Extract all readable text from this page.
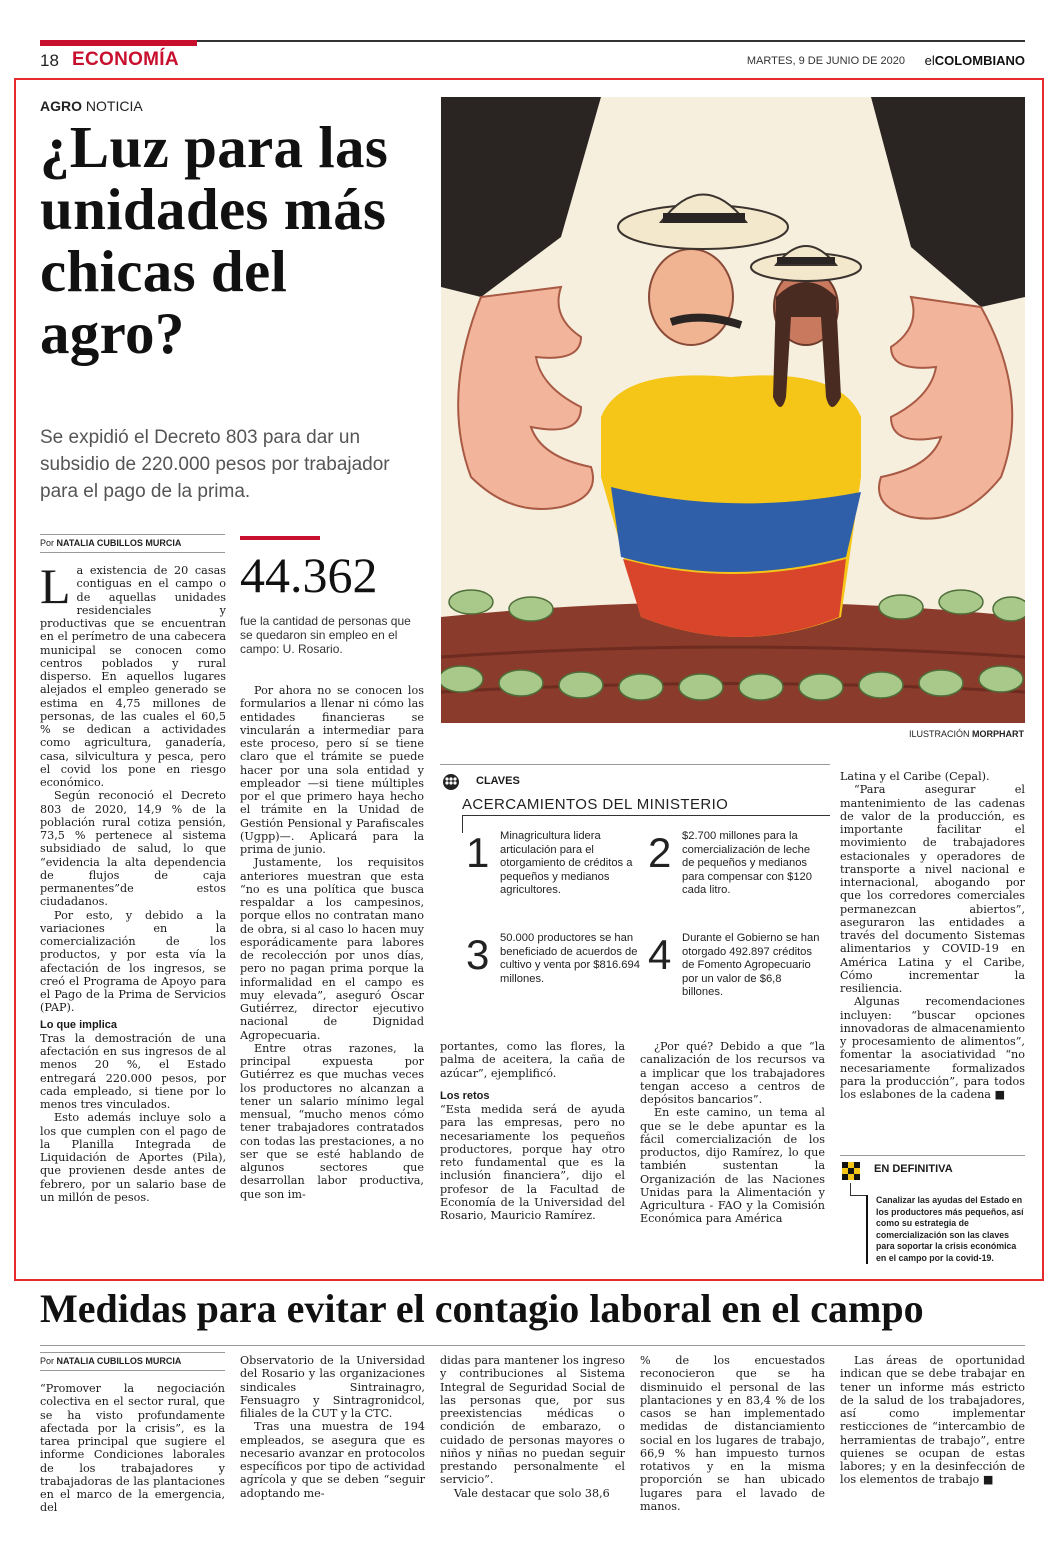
18 ECONOMÍA	MARTES, 9 DE JUNIO DE 2020 elCOLOMBIANO
AGRO NOTICIA
¿Luz para las unidades más chicas del agro?
Se expidió el Decreto 803 para dar un subsidio de 220.000 pesos por trabajador para el pago de la prima.
Por NATALIA CUBILLOS MURCIA

La existencia de 20 casas contiguas en el campo o de aquellas unidades residenciales y productivas que se encuentran en el perímetro de una cabecera municipal se conocen como centros poblados y rural disperso. En aquellos lugares alejados el empleo generado se estima en 4,75 millones de personas, de las cuales el 60,5 % se dedican a actividades como agricultura, ganadería, casa, silvicultura y pesca, pero el covid los pone en riesgo económico.

Según reconoció el Decreto 803 de 2020, 14,9 % de la población rural cotiza pensión, 73,5 % pertenece al sistema subsidiado de salud, lo que “evidencia la alta dependencia de flujos de caja permanentes”de estos ciudadanos.

Por esto, y debido a la variaciones en la comercialización de los productos, y por esta vía la afectación de los ingresos, se creó el Programa de Apoyo para el Pago de la Prima de Servicios (PAP).

Lo que implica

Tras la demostración de una afectación en sus ingresos de al menos 20 %, el Estado entregará 220.000 pesos, por cada empleado, si tiene por lo menos tres vinculados.

Esto además incluye solo a los que cumplen con el pago de la Planilla Integrada de Liquidación de Aportes (Pila), que provienen desde antes de febrero, por un salario base de un millón de pesos.

44.362
fue la cantidad de personas que se quedaron sin empleo en el campo: U. Rosario.

Por ahora no se conocen los formularios a llenar ni cómo las entidades financieras se vincularán a intermediar para este proceso, pero sí se tiene claro que el trámite se puede hacer por una sola entidad y empleador —si tiene múltiples por el que primero haya hecho el trámite en la Unidad de Gestión Pensional y Parafiscales (Ugpp)—. Aplicará para la prima de junio.

Justamente, los requisitos anteriores muestran que esta “no es una política que busca respaldar a los campesinos, porque ellos no contratan mano de obra, si al caso lo hacen muy esporádicamente para labores de recolección por unos días, pero no pagan prima porque la informalidad en el campo es muy elevada”, aseguró Óscar Gutiérrez, director ejecutivo nacional de Dignidad Agropecuaria.

Entre otras razones, la principal expuesta por Gutiérrez es que muchas veces los productores no alcanzan a tener un salario mínimo legal mensual, “mucho menos cómo tener trabajadores contratados con todas las prestaciones, a no ser que se esté hablando de algunos sectores que desarrollan labor productiva, que son im-

ILUSTRACIÓN MORPHART
CLAVES
ACERCAMIENTOS DEL MINISTERIO
1 Minagricultura lidera articulación para el otorgamiento de créditos a pequeños y medianos agricultores.
2 $2.700 millones para la comercialización de leche de pequeños y medianos para compensar con $120 cada litro.
3 50.000 productores se han beneficiado de acuerdos de cultivo y venta por $816.694 millones.
4 Durante el Gobierno se han otorgado 492.897 créditos de Fomento Agropecuario por un valor de $6,8 billones.

portantes, como las flores, la palma de aceitera, la caña de azúcar”, ejemplificó.

Los retos

“Esta medida será de ayuda para las empresas, pero no necesariamente los pequeños productores, porque hay otro reto fundamental que es la inclusión financiera”, dijo el profesor de la Facultad de Economía de la Universidad del Rosario, Mauricio Ramírez.

¿Por qué? Debido a que “la canalización de los recursos va a implicar que los trabajadores tengan acceso a centros de depósitos bancarios”.

En este camino, un tema al que se le debe apuntar es la fácil comercialización de los productos, dijo Ramírez, lo que también sustentan la Organización de las Naciones Unidas para la Alimentación y Agricultura - FAO y la Comisión Económica para América

Latina y el Caribe (Cepal).

“Para asegurar el mantenimiento de las cadenas de valor de la producción, es importante facilitar el movimiento de trabajadores estacionales y operadores de transporte a nivel nacional e internacional, abogando por que los corredores comerciales permanezcan abiertos”, aseguraron las entidades a través del documento Sistemas alimentarios y COVID-19 en América Latina y el Caribe, Cómo incrementar la resiliencia.

Algunas recomendaciones incluyen: “buscar opciones innovadoras de almacenamiento y procesamiento de alimentos”, fomentar la asociatividad “no necesariamente formalizados para la producción”, para todos los eslabones de la cadena ■

EN DEFINITIVA
Canalizar las ayudas del Estado en los productores más pequeños, así como su estrategia de comercialización son las claves para soportar la crisis económica en el campo por la covid-19.
Medidas para evitar el contagio laboral en el campo
Por NATALIA CUBILLOS MURCIA

“Promover la negociación colectiva en el sector rural, que se ha visto profundamente afectada por la crisis”, es la tarea principal que sugiere el informe Condiciones laborales de los trabajadores y trabajadoras de las plantaciones en el marco de la emergencia, del

Observatorio de la Universidad del Rosario y las organizaciones sindicales Sintrainagro, Fensuagro y Sintragronidcol, filiales de la CUT y la CTC.

Tras una muestra de 194 empleados, se asegura que es necesario avanzar en protocolos específicos por tipo de actividad agrícola y que se deben “seguir adoptando me-

didas para mantener los ingreso y contribuciones al Sistema Integral de Seguridad Social de las personas que, por sus preexistencias médicas o condición de embarazo, o cuidado de personas mayores o niños y niñas no puedan seguir prestando personalmente el servicio”.

Vale destacar que solo 38,6

% de los encuestados reconocieron que se ha disminuido el personal de las plantaciones y en 83,4 % de los casos se han implementado medidas de distanciamiento social en los lugares de trabajo, 66,9 % han impuesto turnos rotativos y en la misma proporción se han ubicado lugares para el lavado de manos.

Las áreas de oportunidad indican que se debe trabajar en tener un informe más estricto de la salud de los trabajadores, así como implementar resticciones de “intercambio de herramientas de trabajo”, entre quienes se ocupan de estas labores; y en la desinfección de los elementos de trabajo ■
